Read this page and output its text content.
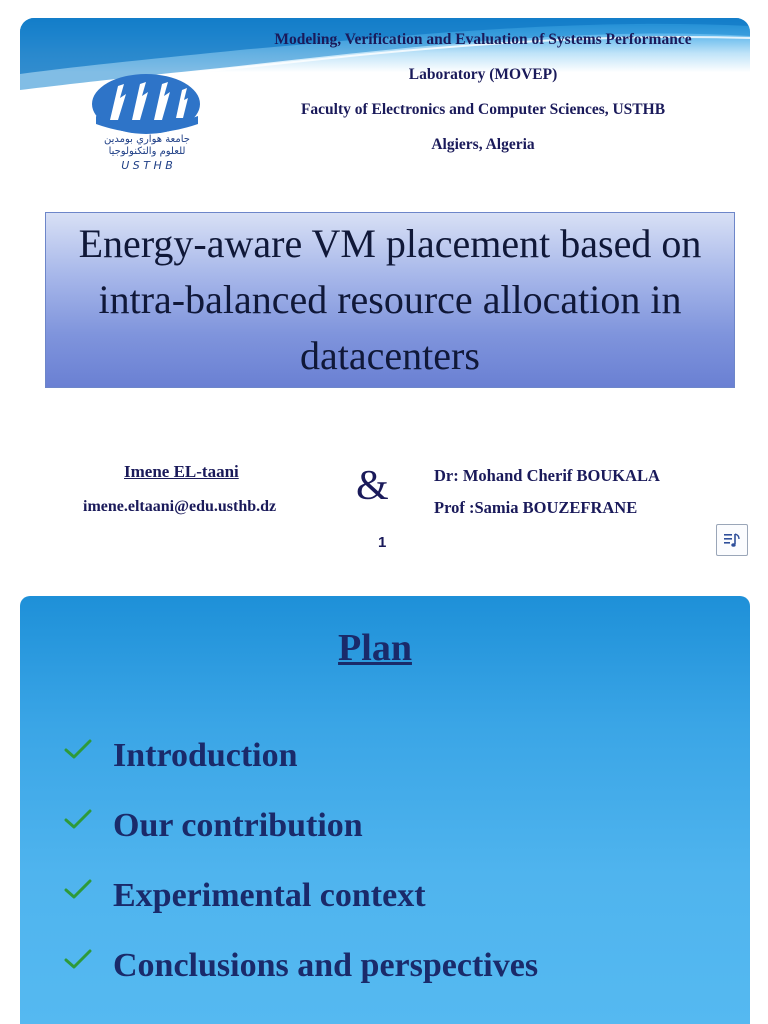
جامعة هواري بومدين
للعلوم والتكنولوجيا
U S T H B
Modeling, Verification and Evaluation of Systems Performance
Laboratory (MOVEP)
Faculty of Electronics and Computer Sciences, USTHB
Algiers, Algeria
Energy-aware VM placement based on intra-balanced resource allocation in datacenters
Imene EL-taani
imene.eltaani@edu.usthb.dz &	Dr: Mohand Cherif BOUKALA
Prof :Samia BOUZEFRANE
1
Plan
Introduction
Our contribution
Experimental context
Conclusions and perspectives
